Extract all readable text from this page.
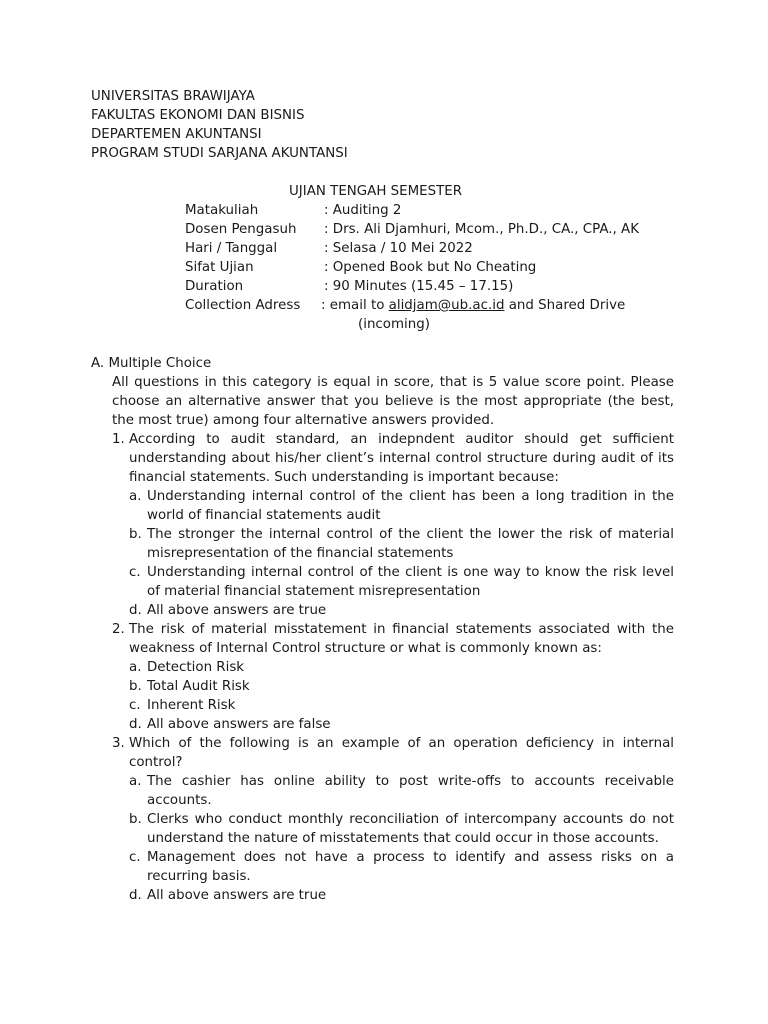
UNIVERSITAS BRAWIJAYA
FAKULTAS EKONOMI DAN BISNIS
DEPARTEMEN AKUNTANSI
PROGRAM STUDI SARJANA AKUNTANSI
UJIAN TENGAH SEMESTER
Matakuliah	: Auditing 2
Dosen Pengasuh : Drs. Ali Djamhuri, Mcom., Ph.D., CA., CPA., AK
Hari / Tanggal	: Selasa / 10 Mei 2022
Sifat Ujian	: Opened Book but No Cheating
Duration	: 90 Minutes (15.45 – 17.15)
Collection Adress : email to alidjam@ub.ac.id and Shared Drive
(incoming)
A. Multiple Choice
All questions in this category is equal in score, that is 5 value score point. Please choose an alternative answer that you believe is the most appropriate (the best, the most true) among four alternative answers provided.
1. According to audit standard, an indepndent auditor should get sufficient understanding about his/her client’s internal control structure during audit of its financial statements. Such understanding is important because:
a. Understanding internal control of the client has been a long tradition in the world of financial statements audit
b. The stronger the internal control of the client the lower the risk of material misrepresentation of the financial statements
c. Understanding internal control of the client is one way to know the risk level of material financial statement misrepresentation
d. All above answers are true
2. The risk of material misstatement in financial statements associated with the weakness of Internal Control structure or what is commonly known as:
a. Detection Risk
b. Total Audit Risk
c. Inherent Risk
d. All above answers are false
3. Which of the following is an example of an operation deficiency in internal control?
a. The cashier has online ability to post write-offs to accounts receivable accounts.
b. Clerks who conduct monthly reconciliation of intercompany accounts do not understand the nature of misstatements that could occur in those accounts.
c. Management does not have a process to identify and assess risks on a recurring basis.
d. All above answers are true
